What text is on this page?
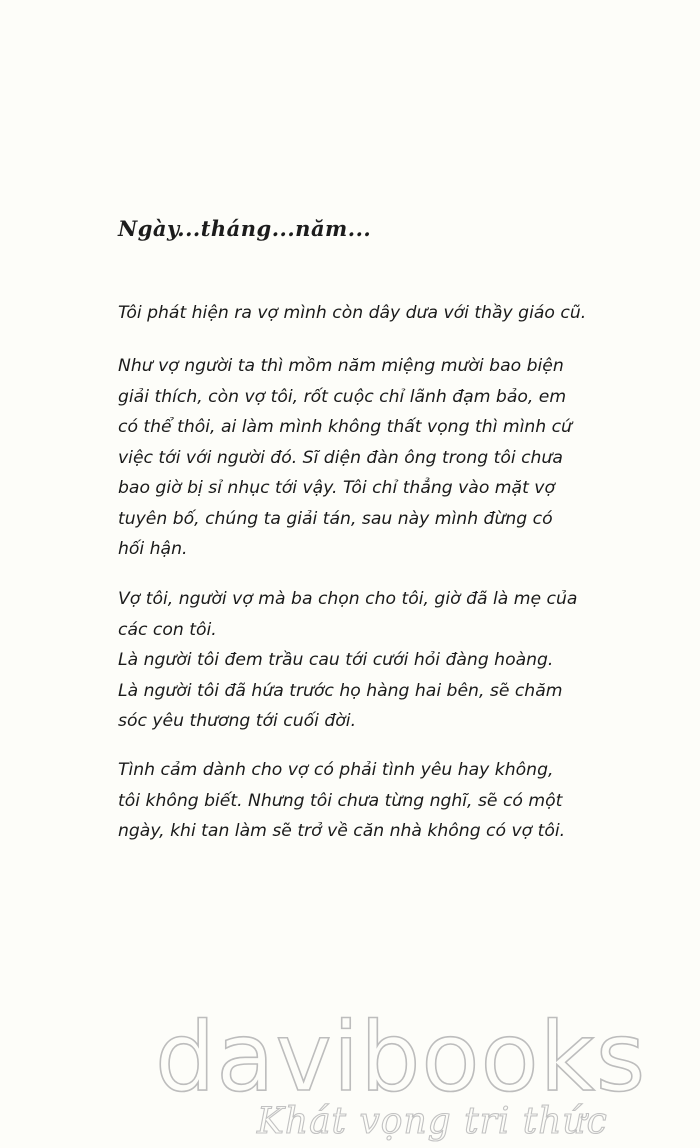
Ngày...tháng...năm...

Tôi phát hiện ra vợ mình còn dây dưa với thầy giáo cũ.

Như vợ người ta thì mồm năm miệng mười bao biện
giải thích, còn vợ tôi, rốt cuộc chỉ lãnh đạm bảo, em
có thể thôi, ai làm mình không thất vọng thì mình cứ
việc tới với người đó. Sĩ diện đàn ông trong tôi chưa
bao giờ bị sỉ nhục tới vậy. Tôi chỉ thẳng vào mặt vợ
tuyên bố, chúng ta giải tán, sau này mình đừng có
hối hận.

Vợ tôi, người vợ mà ba chọn cho tôi, giờ đã là mẹ của
các con tôi.
Là người tôi đem trầu cau tới cưới hỏi đàng hoàng.
Là người tôi đã hứa trước họ hàng hai bên, sẽ chăm
sóc yêu thương tới cuối đời.

Tình cảm dành cho vợ có phải tình yêu hay không,
tôi không biết. Nhưng tôi chưa từng nghĩ, sẽ có một
ngày, khi tan làm sẽ trở về căn nhà không có vợ tôi.

davibooks
Khát vọng tri thức
